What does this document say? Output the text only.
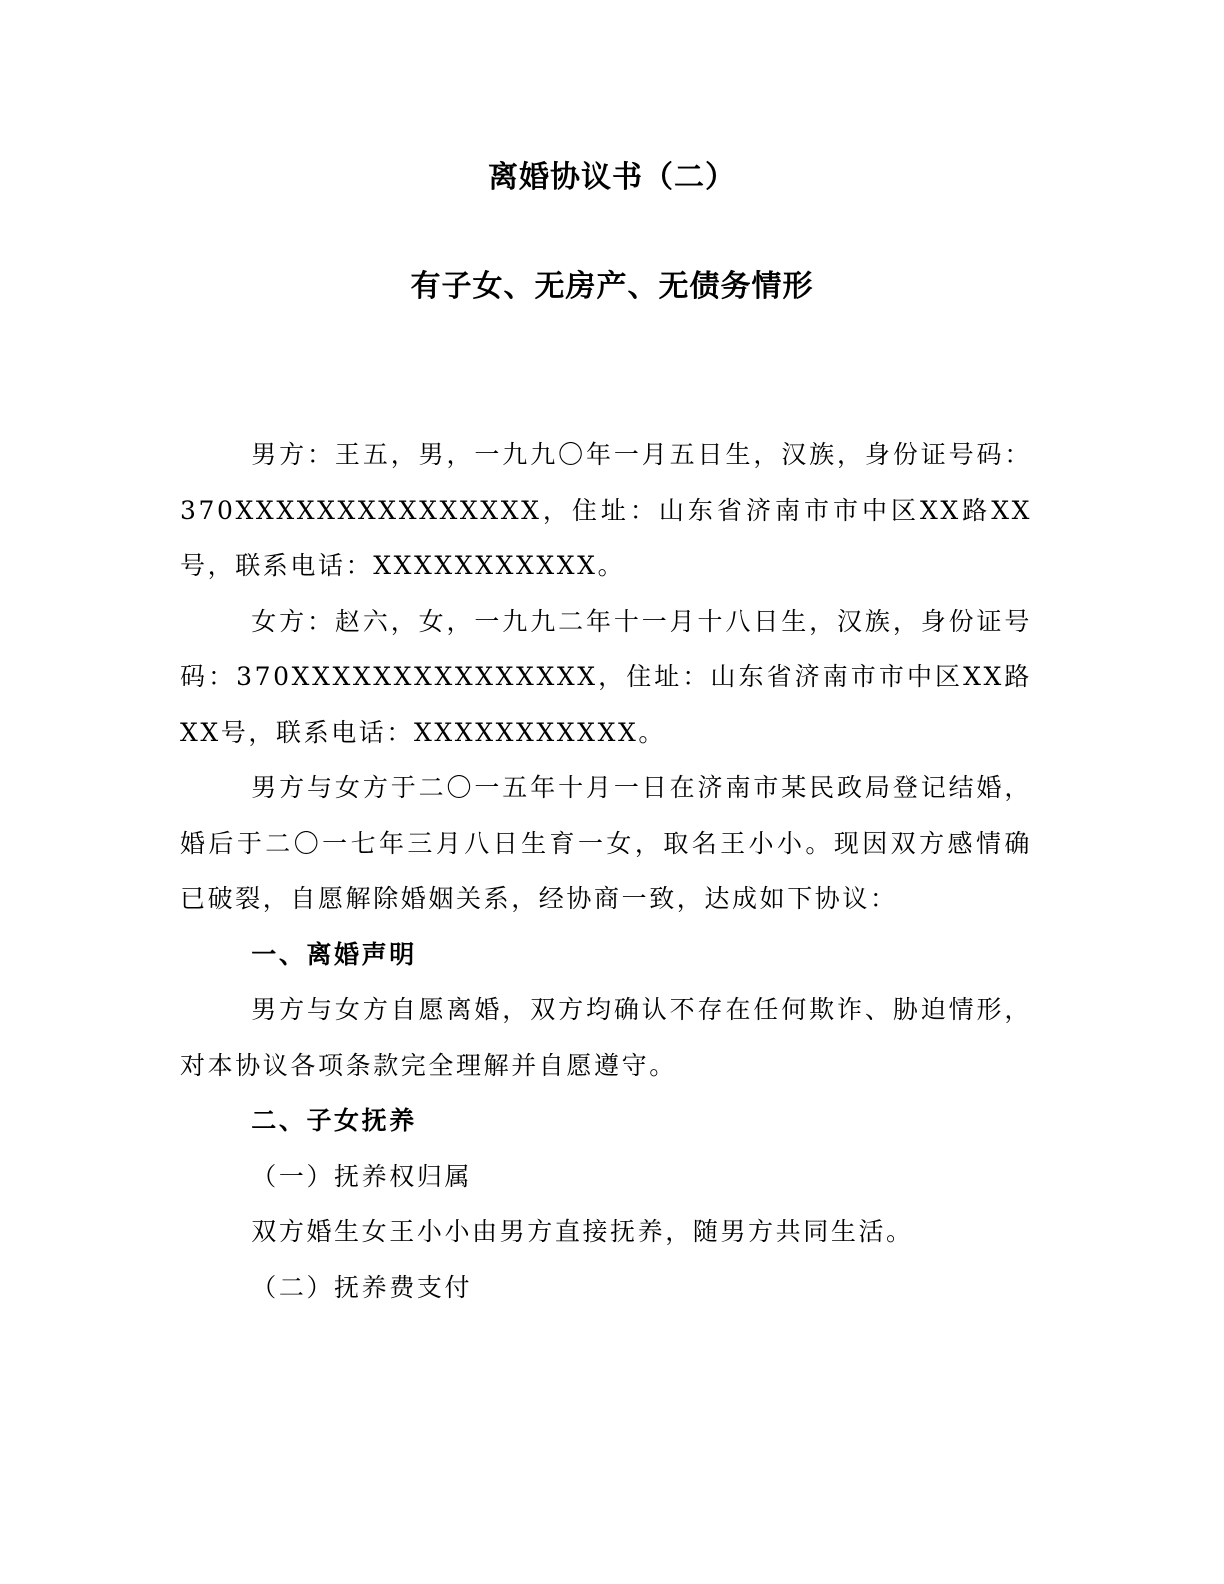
离婚协议书（二）
有子女、无房产、无债务情形

男方：王五，男，一九九〇年一月五日生，汉族，身份证号码：370XXXXXXXXXXXXXXX，住址：山东省济南市市中区XX路XX号，联系电话：XXXXXXXXXXX。

女方：赵六，女，一九九二年十一月十八日生，汉族，身份证号码：370XXXXXXXXXXXXXXX，住址：山东省济南市市中区XX路XX号，联系电话：XXXXXXXXXXX。

男方与女方于二〇一五年十月一日在济南市某民政局登记结婚，婚后于二〇一七年三月八日生育一女，取名王小小。现因双方感情确已破裂，自愿解除婚姻关系，经协商一致，达成如下协议：

一、离婚声明

男方与女方自愿离婚，双方均确认不存在任何欺诈、胁迫情形，对本协议各项条款完全理解并自愿遵守。

二、子女抚养

（一）抚养权归属

双方婚生女王小小由男方直接抚养，随男方共同生活。

（二）抚养费支付
